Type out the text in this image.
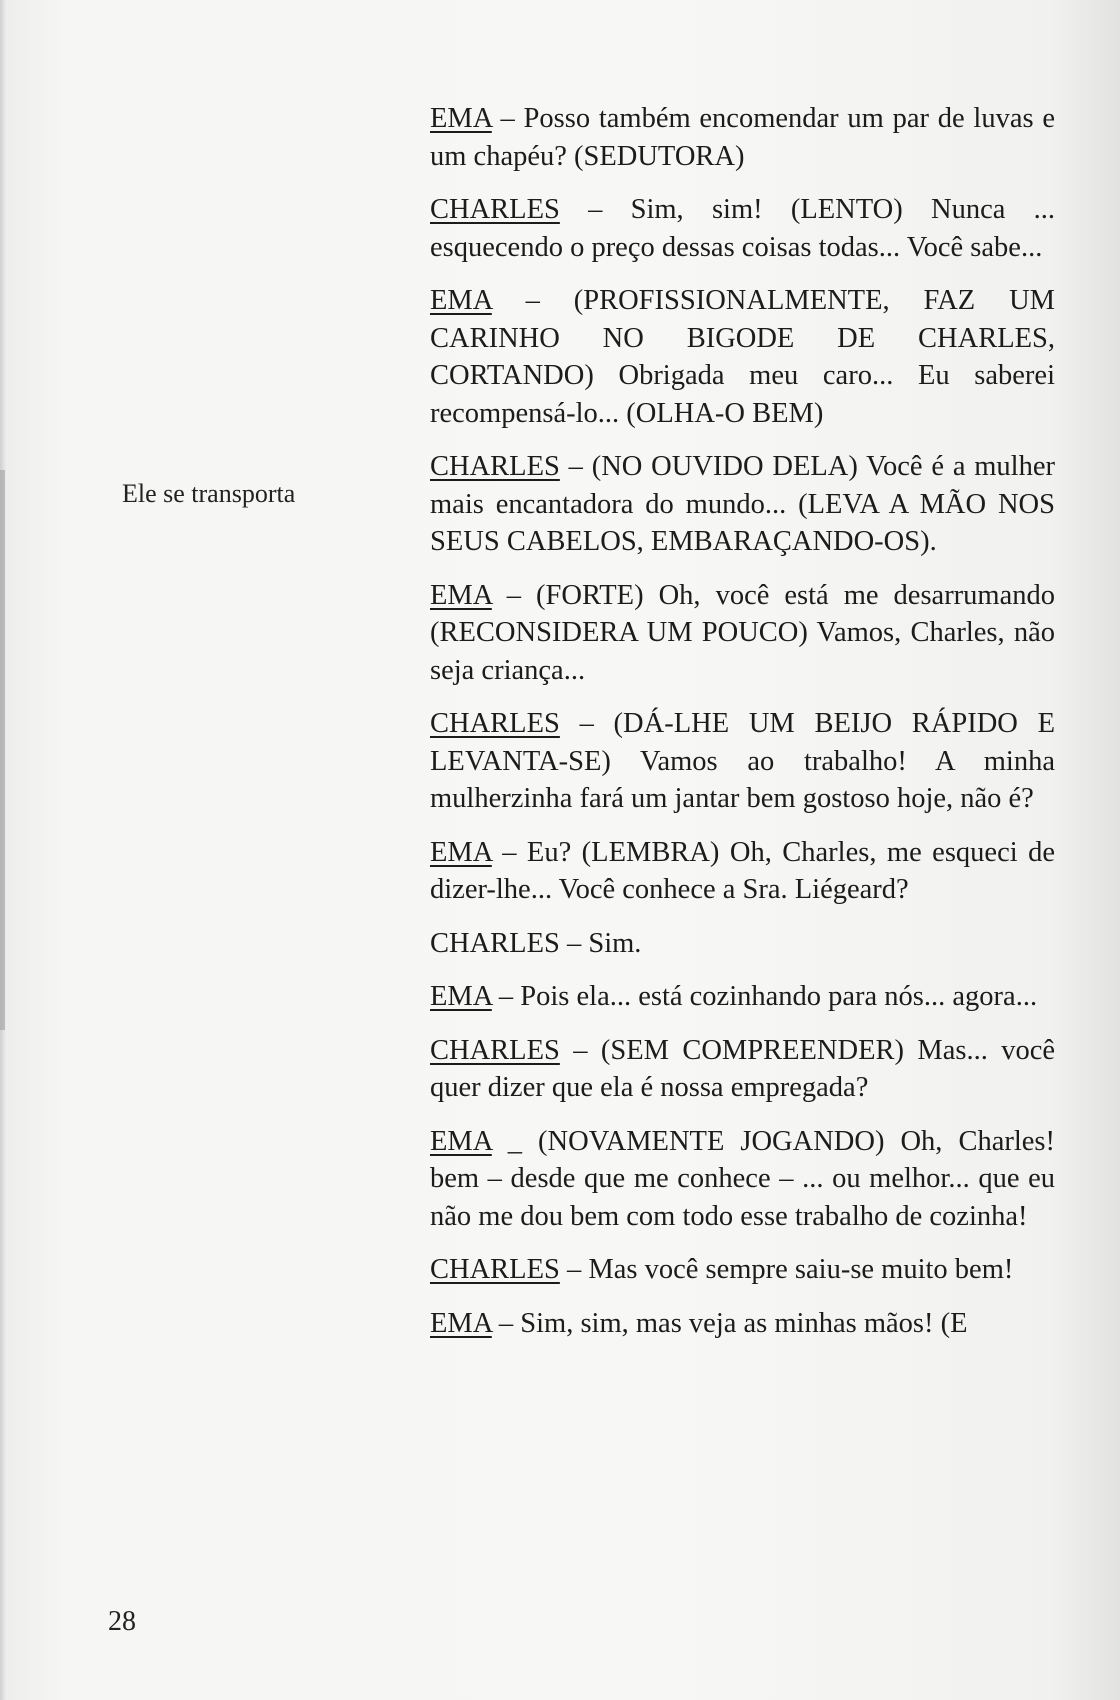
Ele se transporta

EMA – Posso também encomendar um par de luvas e um chapéu? (SEDUTORA)

CHARLES – Sim, sim! (LENTO) Nunca ... esquecendo o preço dessas coisas todas... Você sabe...

EMA – (PROFISSIONALMENTE, FAZ UM CARINHO NO BIGODE DE CHARLES, CORTANDO) Obrigada meu caro... Eu saberei recompensá-lo... (OLHA-O BEM)

CHARLES – (NO OUVIDO DELA) Você é a mulher mais encantadora do mundo... (LEVA A MÃO NOS SEUS CABELOS, EMBARAÇANDO-OS).

EMA – (FORTE) Oh, você está me desarrumando (RECONSIDERA UM POUCO) Vamos, Charles, não seja criança...

CHARLES – (DÁ-LHE UM BEIJO RÁPIDO E LEVANTA-SE) Vamos ao trabalho! A minha mulherzinha fará um jantar bem gostoso hoje, não é?

EMA – Eu? (LEMBRA) Oh, Charles, me esqueci de dizer-lhe... Você conhece a Sra. Liégeard?

CHARLES – Sim.

EMA – Pois ela... está cozinhando para nós... agora...

CHARLES – (SEM COMPREENDER) Mas... você quer dizer que ela é nossa empregada?

EMA _ (NOVAMENTE JOGANDO) Oh, Charles! bem – desde que me conhece – ... ou melhor... que eu não me dou bem com todo esse trabalho de cozinha!

CHARLES – Mas você sempre saiu-se muito bem!

EMA – Sim, sim, mas veja as minhas mãos! (E

28
